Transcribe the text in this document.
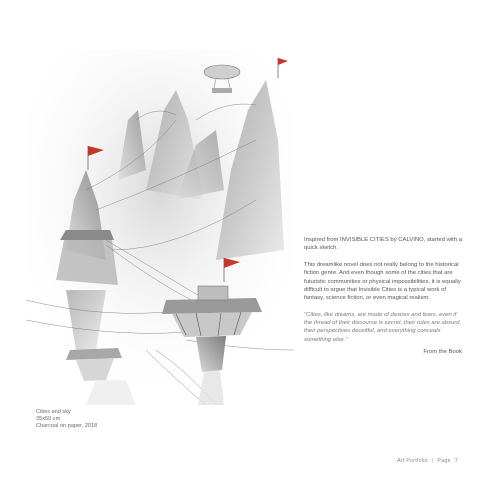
Cities and sky
35x50 cm
Charcoal on paper, 2018

Inspired from INVISIBLE CITIES by CALVINO, started with a quick sketch.

This dreamlike novel does not really belong to the historical fiction genre. And even though some of the cities that are futuristic communities or physical impossibilities, it is equally difficult to argue that Invisible Cities is a typical work of fantasy, science fiction, or even magical realism.

"Cities, like dreams, are made of desires and fears, even if the thread of their discourse is secret, their rules are absurd, their perspectives deceitful, and everything conceals something else."

From the Book

Art Portfolio | Page 7
